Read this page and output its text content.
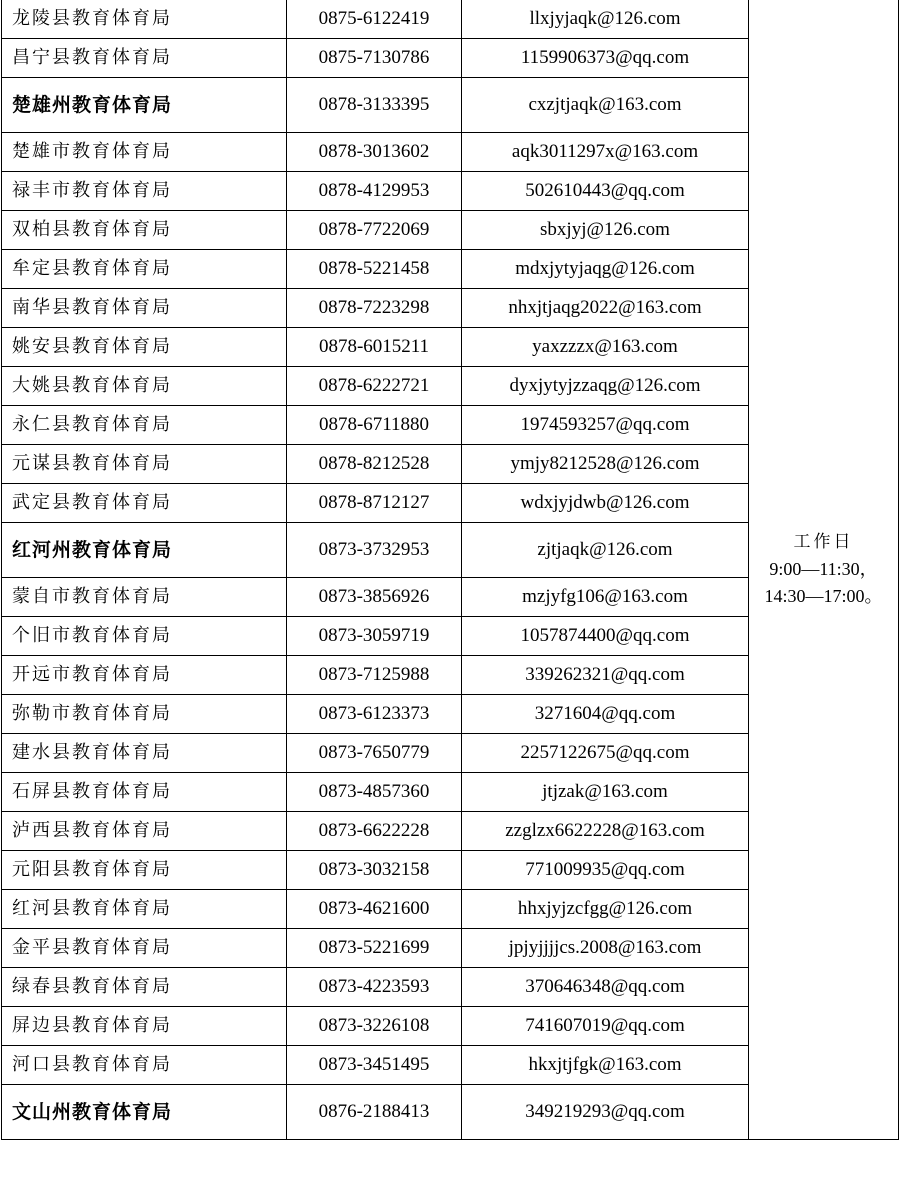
龙陵县教育体育局	0875-6122419	llxjyjaqk@126.com	工作日
9:00—11:30，
14:30—17:00。

昌宁县教育体育局	0875-7130786	1159906373@qq.com	
楚雄州教育体育局	0878-3133395	cxzjtjaqk@163.com	
楚雄市教育体育局	0878-3013602	aqk3011297x@163.com	
禄丰市教育体育局	0878-4129953	502610443@qq.com	
双柏县教育体育局	0878-7722069	sbxjyj@126.com	
牟定县教育体育局	0878-5221458	mdxjytyjaqg@126.com	
南华县教育体育局	0878-7223298	nhxjtjaqg2022@163.com	
姚安县教育体育局	0878-6015211	yaxzzzx@163.com	
大姚县教育体育局	0878-6222721	dyxjytyjzzaqg@126.com	
永仁县教育体育局	0878-6711880	1974593257@qq.com	
元谋县教育体育局	0878-8212528	ymjy8212528@126.com	
武定县教育体育局	0878-8712127	wdxjyjdwb@126.com	
红河州教育体育局	0873-3732953	zjtjaqk@126.com	
蒙自市教育体育局	0873-3856926	mzjyfg106@163.com	
个旧市教育体育局	0873-3059719	1057874400@qq.com	
开远市教育体育局	0873-7125988	339262321@qq.com	
弥勒市教育体育局	0873-6123373	3271604@qq.com	
建水县教育体育局	0873-7650779	2257122675@qq.com	
石屏县教育体育局	0873-4857360	jtjzak@163.com	
泸西县教育体育局	0873-6622228	zzglzx6622228@163.com	
元阳县教育体育局	0873-3032158	771009935@qq.com	
红河县教育体育局	0873-4621600	hhxjyjzcfgg@126.com	
金平县教育体育局	0873-5221699	jpjyjjjjcs.2008@163.com	
绿春县教育体育局	0873-4223593	370646348@qq.com	
屏边县教育体育局	0873-3226108	741607019@qq.com	
河口县教育体育局	0873-3451495	hkxjtjfgk@163.com	
文山州教育体育局	0876-2188413	349219293@qq.com	
